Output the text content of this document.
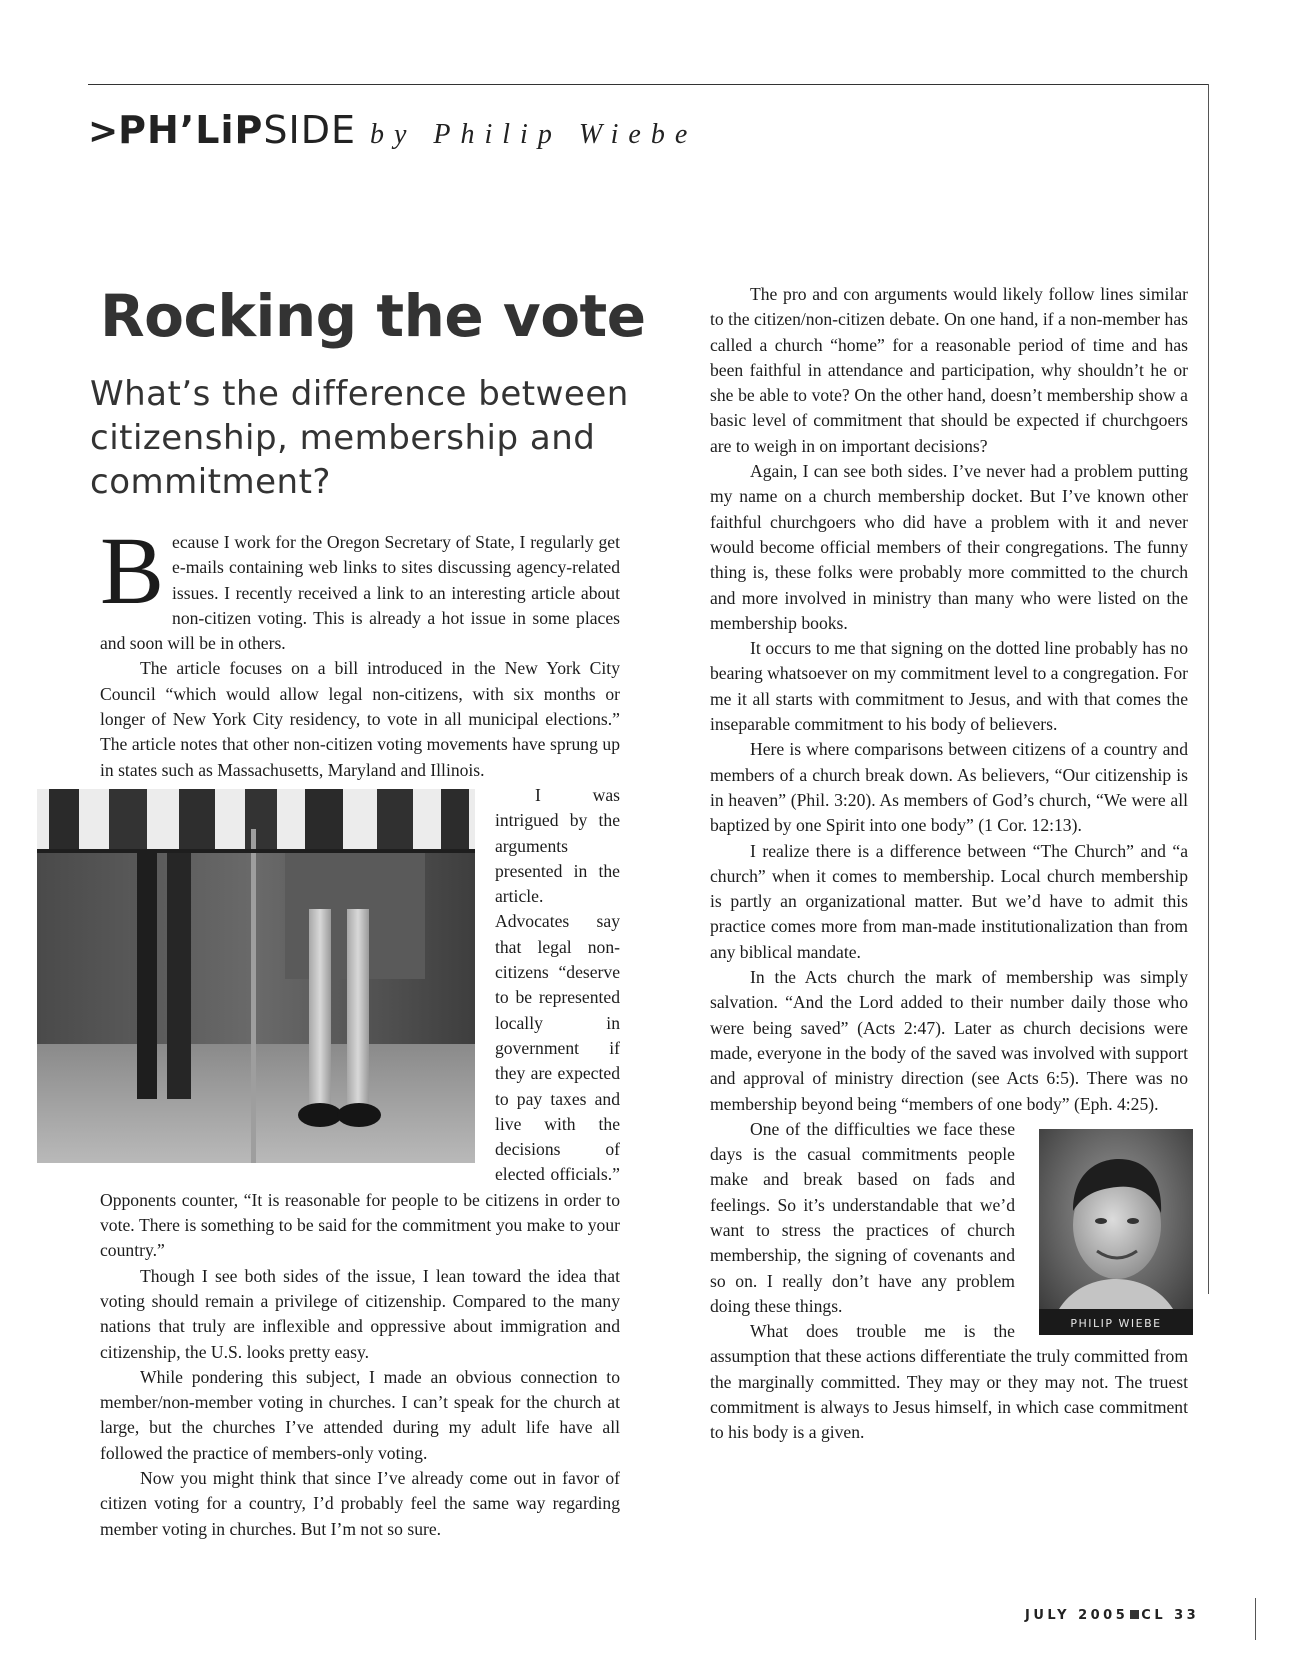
>PH’LiPSIDE by Philip Wiebe
Rocking the vote

What’s the difference between citizenship, membership and commitment?

Because I work for the Oregon Secretary of State, I regularly get e-mails containing web links to sites discussing agency-related issues. I recently received a link to an interesting article about non-citizen voting. This is already a hot issue in some places and soon will be in others.

The article focuses on a bill introduced in the New York City Council “which would allow legal non-citizens, with six months or longer of New York City residency, to vote in all municipal elections.” The article notes that other non-citizen voting movements have sprung up in states such as Massachusetts, Maryland and Illinois.

I was intrigued by the arguments presented in the article. Advocates say that legal non-citizens “deserve to be represented locally in government if they are expected to pay taxes and live with the decisions of elected officials.” Opponents counter, “It is reasonable for people to be citizens in order to vote. There is something to be said for the commitment you make to your country.”

Though I see both sides of the issue, I lean toward the idea that voting should remain a privilege of citizenship. Compared to the many nations that truly are inflexible and oppressive about immigration and citizenship, the U.S. looks pretty easy.

While pondering this subject, I made an obvious connection to member/non-member voting in churches. I can’t speak for the church at large, but the churches I’ve attended during my adult life have all followed the practice of members-only voting.

Now you might think that since I’ve already come out in favor of citizen voting for a country, I’d probably feel the same way regarding member voting in churches. But I’m not so sure.

The pro and con arguments would likely follow lines similar to the citizen/non-citizen debate. On one hand, if a non-member has called a church “home” for a reasonable period of time and has been faithful in attendance and participation, why shouldn’t he or she be able to vote? On the other hand, doesn’t membership show a basic level of commitment that should be expected if churchgoers are to weigh in on important decisions?

Again, I can see both sides. I’ve never had a problem putting my name on a church membership docket. But I’ve known other faithful churchgoers who did have a problem with it and never would become official members of their congregations. The funny thing is, these folks were probably more committed to the church and more involved in ministry than many who were listed on the membership books.

It occurs to me that signing on the dotted line probably has no bearing whatsoever on my commitment level to a congregation. For me it all starts with commitment to Jesus, and with that comes the inseparable commitment to his body of believers.

Here is where comparisons between citizens of a country and members of a church break down. As believers, “Our citizenship is in heaven” (Phil. 3:20). As members of God’s church, “We were all baptized by one Spirit into one body” (1 Cor. 12:13).

I realize there is a difference between “The Church” and “a church” when it comes to membership. Local church membership is partly an organizational matter. But we’d have to admit this practice comes more from man-made institutionalization than from any biblical mandate.

In the Acts church the mark of membership was simply salvation. “And the Lord added to their number daily those who were being saved” (Acts 2:47). Later as church decisions were made, everyone in the body of the saved was involved with support and approval of ministry direction (see Acts 6:5). There was no membership beyond being “members of one body” (Eph. 4:25).

PHILIP WIEBE

One of the difficulties we face these days is the casual commitments people make and break based on fads and feelings. So it’s understandable that we’d want to stress the practices of church membership, the signing of covenants and so on. I really don’t have any problem doing these things.

What does trouble me is the assumption that these actions differentiate the truly committed from the marginally committed. They may or they may not. The truest commitment is always to Jesus himself, in which case commitment to his body is a given.

JULY 2005 CL 33
